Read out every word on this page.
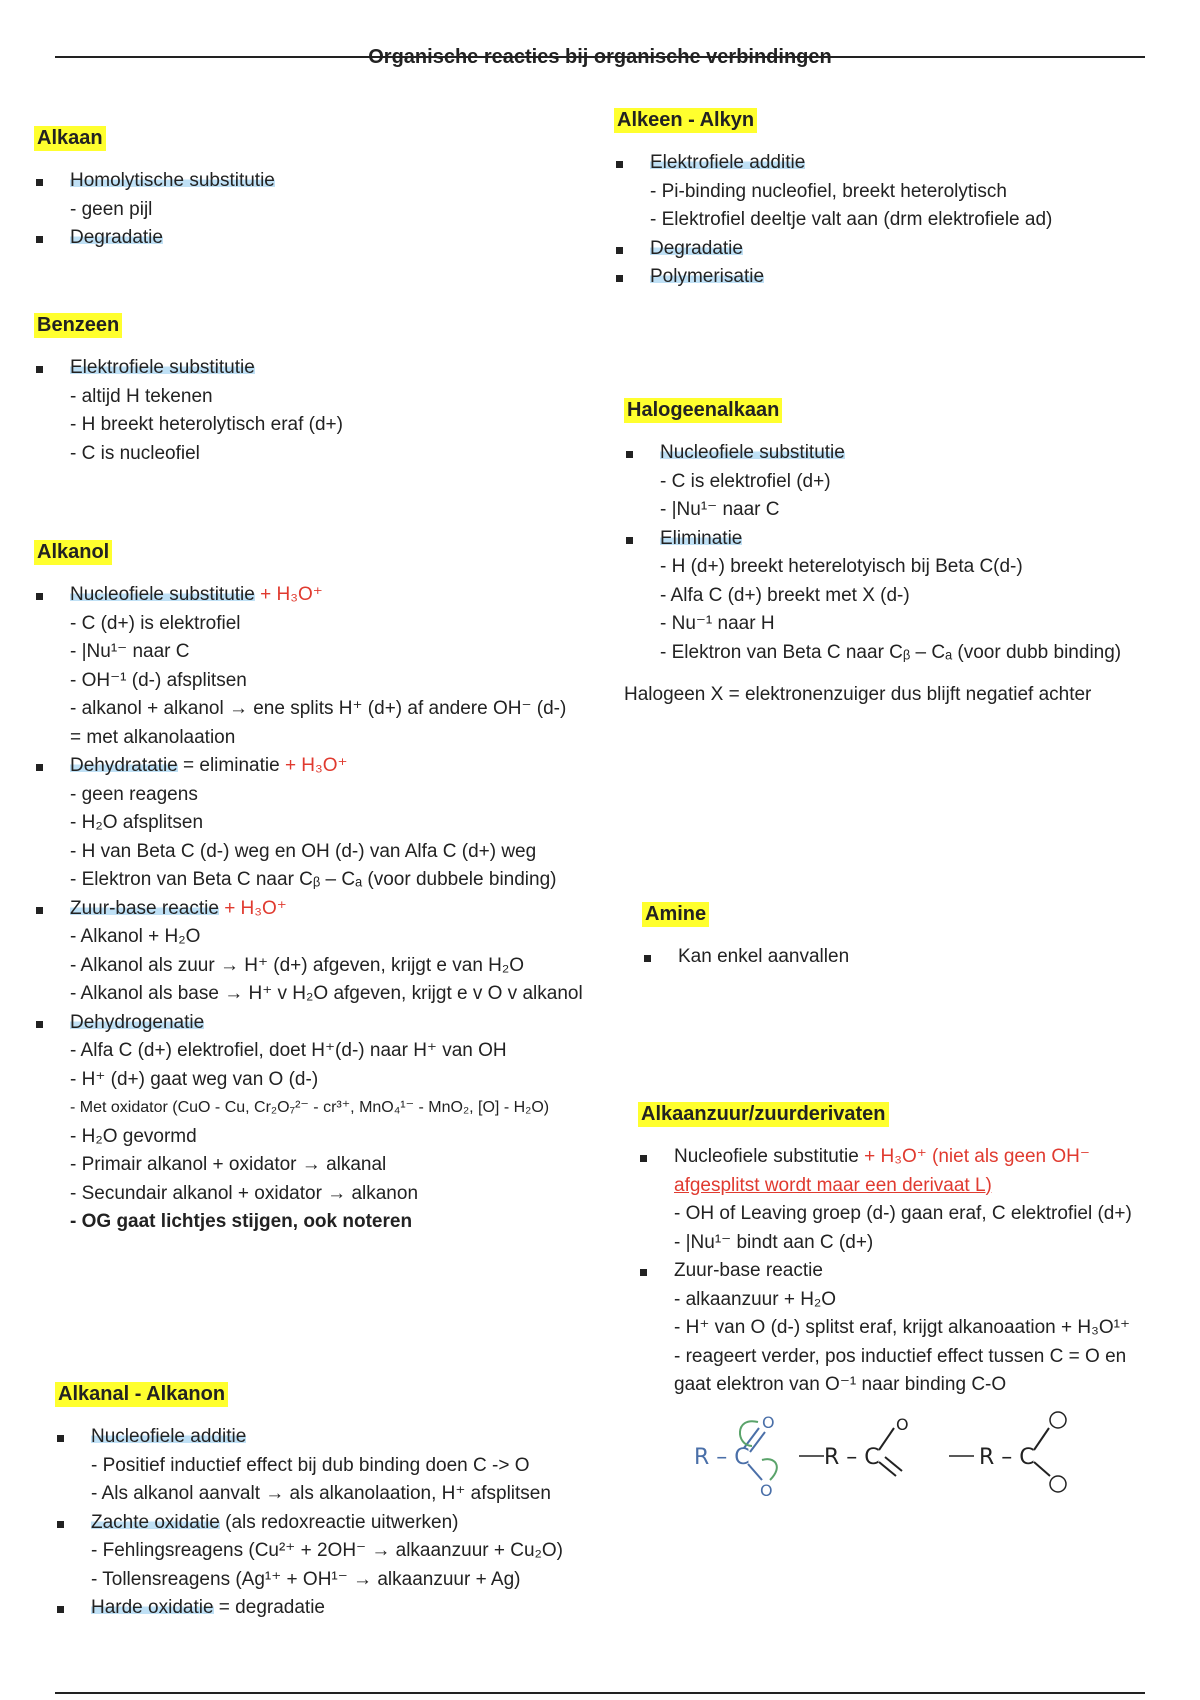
Organische reacties bij organische verbindingen
Alkaan
Homolytische substitutie
- geen pijl
Degradatie
Benzeen
Elektrofiele substitutie
- altijd H tekenen
- H breekt heterolytisch eraf (d+)
- C is nucleofiel
Alkanol
Nucleofiele substitutie + H₃O⁺
- C (d+) is elektrofiel
- |Nu¹⁻ naar C
- OH⁻¹ (d-) afsplitsen
- alkanol + alkanol → ene splits H⁺ (d+) af andere OH⁻ (d-)
= met alkanolaation
Dehydratatie = eliminatie + H₃O⁺
- geen reagens
- H₂O afsplitsen
- H van Beta C (d-) weg en OH (d-) van Alfa C (d+) weg
- Elektron van Beta C naar Cᵦ – Cₐ (voor dubbele binding)
Zuur-base reactie + H₃O⁺
- Alkanol + H₂O
- Alkanol als zuur → H⁺ (d+) afgeven, krijgt e van H₂O
- Alkanol als base → H⁺ v H₂O afgeven, krijgt e v O v alkanol
Dehydrogenatie
- Alfa C (d+) elektrofiel, doet H⁺(d-) naar H⁺ van OH
- H⁺ (d+) gaat weg van O (d-)
- Met oxidator (CuO - Cu, Cr₂O₇²⁻ - cr³⁺, MnO₄¹⁻ - MnO₂, [O] - H₂O)
- H₂O gevormd
- Primair alkanol + oxidator → alkanal
- Secundair alkanol + oxidator → alkanon
- OG gaat lichtjes stijgen, ook noteren
Alkanal - Alkanon
Nucleofiele additie
- Positief inductief effect bij dub binding doen C -> O
- Als alkanol aanvalt → als alkanolaation, H⁺ afsplitsen
Zachte oxidatie (als redoxreactie uitwerken)
- Fehlingsreagens (Cu²⁺ + 2OH⁻ → alkaanzuur + Cu₂O)
- Tollensreagens (Ag¹⁺ + OH¹⁻ → alkaanzuur + Ag)
Harde oxidatie = degradatie
Alkeen - Alkyn
Elektrofiele additie
- Pi-binding nucleofiel, breekt heterolytisch
- Elektrofiel deeltje valt aan (drm elektrofiele ad)
Degradatie
Polymerisatie
Halogeenalkaan
Nucleofiele substitutie
- C is elektrofiel (d+)
- |Nu¹⁻ naar C
Eliminatie
- H (d+) breekt heterelotyisch bij Beta C(d-)
- Alfa C (d+) breekt met X (d-)
- Nu⁻¹ naar H
- Elektron van Beta C naar Cᵦ – Cₐ (voor dubb binding)
Halogeen X = elektronenzuiger dus blijft negatief achter
Amine
Kan enkel aanvallen
Alkaanzuur/zuurderivaten
Nucleofiele substitutie + H₃O⁺ (niet als geen OH⁻
afgesplitst wordt maar een derivaat L)
- OH of Leaving groep (d-) gaan eraf, C elektrofiel (d+)
- |Nu¹⁻ bindt aan C (d+)
Zuur-base reactie
- alkaanzuur + H₂O
- H⁺ van O (d-) splitst eraf, krijgt alkanoaation + H₃O¹⁺
- reageert verder, pos inductief effect tussen C = O en
gaat elektron van O⁻¹ naar binding C-O
R – C
O
O
R – C
O
R – C
